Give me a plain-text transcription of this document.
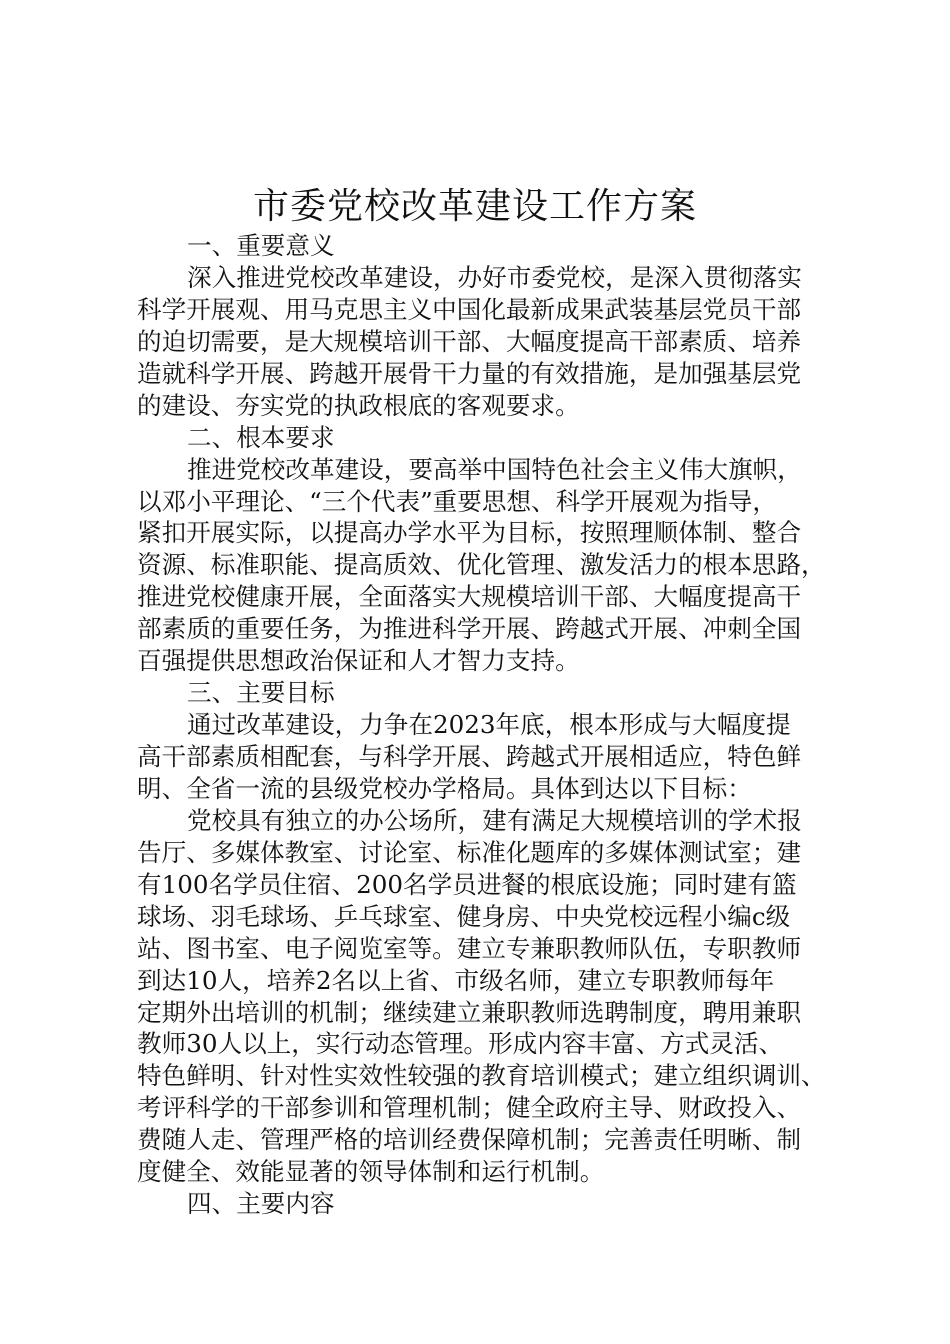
市委党校改革建设工作方案
一、重要意义
深入推进党校改革建设，办好市委党校，是深入贯彻落实
科学开展观、用马克思主义中国化最新成果武装基层党员干部
的迫切需要，是大规模培训干部、大幅度提高干部素质、培养
造就科学开展、跨越开展骨干力量的有效措施，是加强基层党
的建设、夯实党的执政根底的客观要求。
二、根本要求
推进党校改革建设，要高举中国特色社会主义伟大旗帜，
以邓小平理论、“三个代表”重要思想、科学开展观为指导，
紧扣开展实际，以提高办学水平为目标，按照理顺体制、整合
资源、标准职能、提高质效、优化管理、激发活力的根本思路，
推进党校健康开展，全面落实大规模培训干部、大幅度提高干
部素质的重要任务，为推进科学开展、跨越式开展、冲刺全国
百强提供思想政治保证和人才智力支持。
三、主要目标
通过改革建设，力争在2023年底，根本形成与大幅度提
高干部素质相配套，与科学开展、跨越式开展相适应，特色鲜
明、全省一流的县级党校办学格局。具体到达以下目标：
党校具有独立的办公场所，建有满足大规模培训的学术报
告厅、多媒体教室、讨论室、标准化题库的多媒体测试室；建
有100名学员住宿、200名学员进餐的根底设施；同时建有篮
球场、羽毛球场、乒乓球室、健身房、中央党校远程小编c级
站、图书室、电子阅览室等。建立专兼职教师队伍，专职教师
到达10人，培养2名以上省、市级名师，建立专职教师每年
定期外出培训的机制；继续建立兼职教师选聘制度，聘用兼职
教师30人以上，实行动态管理。形成内容丰富、方式灵活、
特色鲜明、针对性实效性较强的教育培训模式；建立组织调训、
考评科学的干部参训和管理机制；健全政府主导、财政投入、
费随人走、管理严格的培训经费保障机制；完善责任明晰、制
度健全、效能显著的领导体制和运行机制。
四、主要内容
